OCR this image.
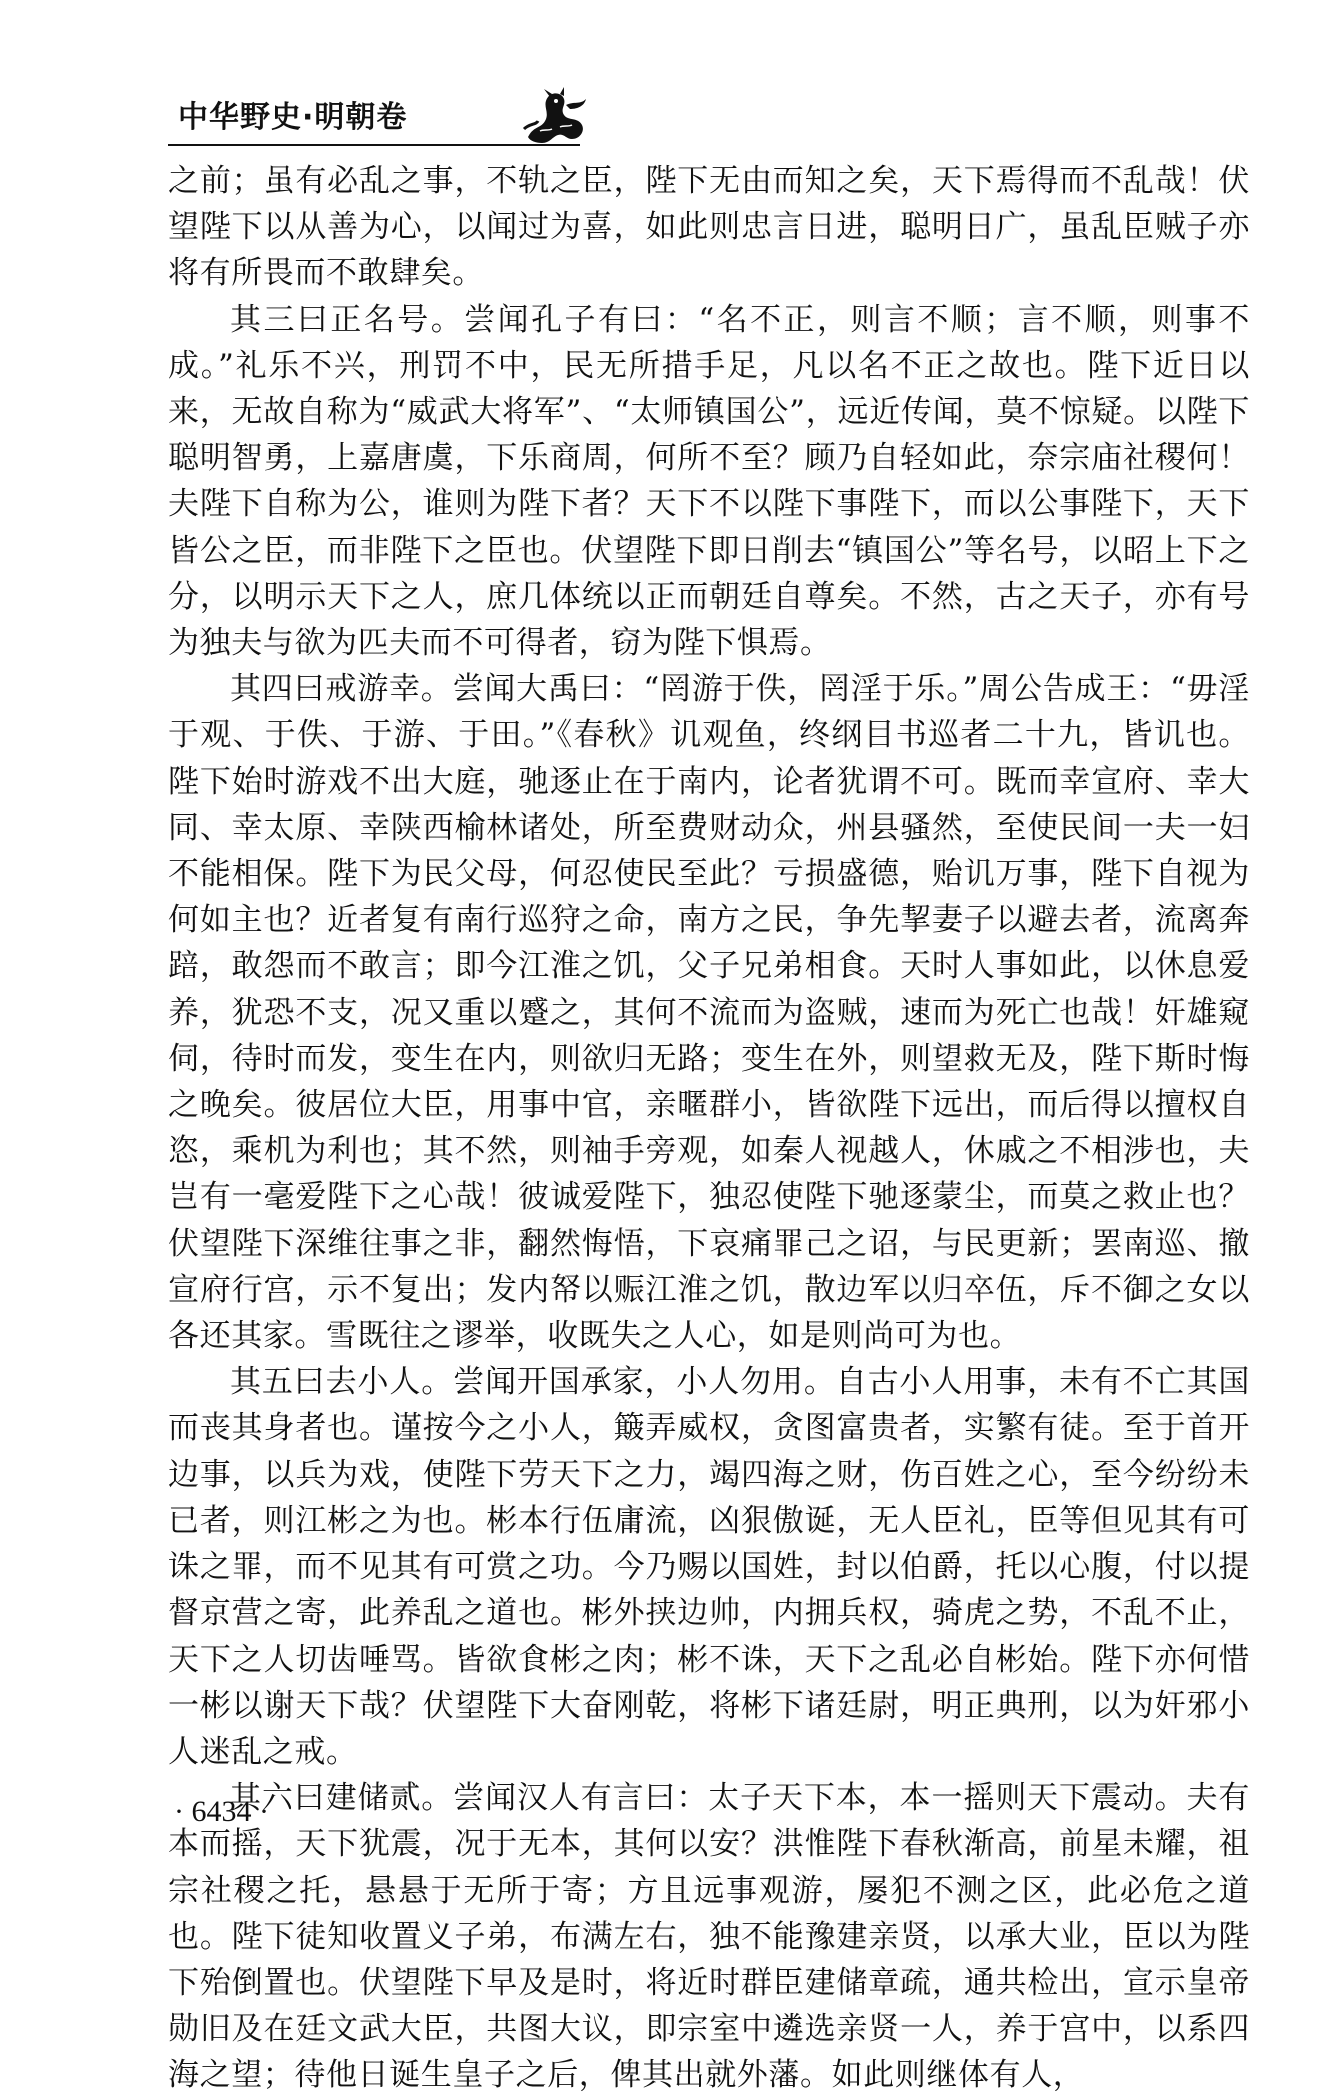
中华野史·明朝卷

之前；虽有必乱之事，不轨之臣，陛下无由而知之矣，天下焉得而不乱哉！伏望陛下以从善为心，以闻过为喜，如此则忠言日进，聪明日广，虽乱臣贼子亦将有所畏而不敢肆矣。

其三曰正名号。尝闻孔子有曰：“名不正，则言不顺；言不顺，则事不成。”礼乐不兴，刑罚不中，民无所措手足，凡以名不正之故也。陛下近日以来，无故自称为“威武大将军”、“太师镇国公”，远近传闻，莫不惊疑。以陛下聪明智勇，上嘉唐虞，下乐商周，何所不至？顾乃自轻如此，奈宗庙社稷何！夫陛下自称为公，谁则为陛下者？天下不以陛下事陛下，而以公事陛下，天下皆公之臣，而非陛下之臣也。伏望陛下即日削去“镇国公”等名号，以昭上下之分，以明示天下之人，庶几体统以正而朝廷自尊矣。不然，古之天子，亦有号为独夫与欲为匹夫而不可得者，窃为陛下惧焉。

其四曰戒游幸。尝闻大禹曰：“罔游于佚，罔淫于乐。”周公告成王：“毋淫于观、于佚、于游、于田。”《春秋》讥观鱼，终纲目书巡者二十九，皆讥也。陛下始时游戏不出大庭，驰逐止在于南内，论者犹谓不可。既而幸宣府、幸大同、幸太原、幸陕西榆林诸处，所至费财动众，州县骚然，至使民间一夫一妇不能相保。陛下为民父母，何忍使民至此？亏损盛德，贻讥万事，陛下自视为何如主也？近者复有南行巡狩之命，南方之民，争先挈妻子以避去者，流离奔踣，敢怨而不敢言；即今江淮之饥，父子兄弟相食。天时人事如此，以休息爱养，犹恐不支，况又重以蹙之，其何不流而为盗贼，速而为死亡也哉！奸雄窥伺，待时而发，变生在内，则欲归无路；变生在外，则望救无及，陛下斯时悔之晚矣。彼居位大臣，用事中官，亲暱群小，皆欲陛下远出，而后得以擅权自恣，乘机为利也；其不然，则袖手旁观，如秦人视越人，休戚之不相涉也，夫岂有一毫爱陛下之心哉！彼诚爱陛下，独忍使陛下驰逐蒙尘，而莫之救止也？伏望陛下深维往事之非，翻然悔悟，下哀痛罪己之诏，与民更新；罢南巡、撤宣府行宫，示不复出；发内帑以赈江淮之饥，散边军以归卒伍，斥不御之女以各还其家。雪既往之谬举，收既失之人心，如是则尚可为也。

其五曰去小人。尝闻开国承家，小人勿用。自古小人用事，未有不亡其国而丧其身者也。谨按今之小人，簸弄威权，贪图富贵者，实繁有徒。至于首开边事，以兵为戏，使陛下劳天下之力，竭四海之财，伤百姓之心，至今纷纷未已者，则江彬之为也。彬本行伍庸流，凶狠傲诞，无人臣礼，臣等但见其有可诛之罪，而不见其有可赏之功。今乃赐以国姓，封以伯爵，托以心腹，付以提督京营之寄，此养乱之道也。彬外挟边帅，内拥兵权，骑虎之势，不乱不止，天下之人切齿唾骂。皆欲食彬之肉；彬不诛，天下之乱必自彬始。陛下亦何惜一彬以谢天下哉？伏望陛下大奋刚乾，将彬下诸廷尉，明正典刑，以为奸邪小人迷乱之戒。

其六曰建储贰。尝闻汉人有言曰：太子天下本，本一摇则天下震动。夫有本而摇，天下犹震，况于无本，其何以安？洪惟陛下春秋渐高，前星未耀，祖宗社稷之托，悬悬于无所于寄；方且远事观游，屡犯不测之区，此必危之道也。陛下徒知收置义子弟，布满左右，独不能豫建亲贤，以承大业，臣以为陛下殆倒置也。伏望陛下早及是时，将近时群臣建储章疏，通共检出，宣示皇帝勋旧及在廷文武大臣，共图大议，即宗室中遴选亲贤一人，养于宫中，以系四海之望；待他日诞生皇子之后，俾其出就外藩。如此则继体有人，

· 6434 ·
